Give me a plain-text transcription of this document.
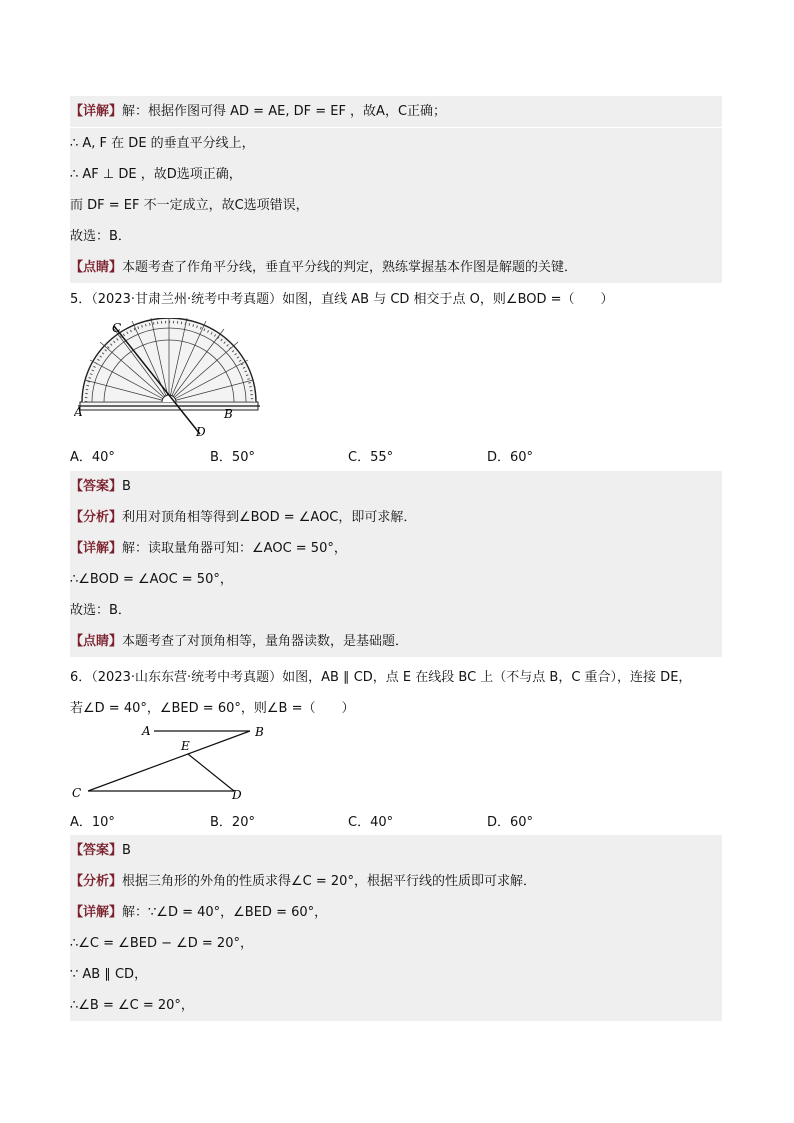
【详解】解：根据作图可得 AD = AE, DF = EF ，故A，C正确；
∴ A, F 在 DE 的垂直平分线上，
∴ AF ⊥ DE ，故D选项正确，
而 DF = EF 不一定成立，故C选项错误，
故选：B．
【点睛】本题考查了作角平分线，垂直平分线的判定，熟练掌握基本作图是解题的关键．
5．（2023·甘肃兰州·统考中考真题）如图，直线 AB 与 CD 相交于点 O，则∠BOD =（　　）
C
A	B
D
A．40°	B．50°	C．55°	D．60°
【答案】B
【分析】利用对顶角相等得到∠BOD = ∠AOC，即可求解．
【详解】解：读取量角器可知：∠AOC = 50°，
∴∠BOD = ∠AOC = 50°，
故选：B．
【点睛】本题考查了对顶角相等，量角器读数，是基础题．
6．（2023·山东东营·统考中考真题）如图，AB ∥ CD，点 E 在线段 BC 上（不与点 B，C 重合），连接 DE，
若∠D = 40°，∠BED = 60°，则∠B =（　　）
A	B
E
C	D
A．10°	B．20°	C．40°	D．60°
【答案】B
【分析】根据三角形的外角的性质求得∠C = 20°，根据平行线的性质即可求解．
【详解】解：∵∠D = 40°，∠BED = 60°，
∴∠C = ∠BED − ∠D = 20°，
∵ AB ∥ CD，
∴∠B = ∠C = 20°，
